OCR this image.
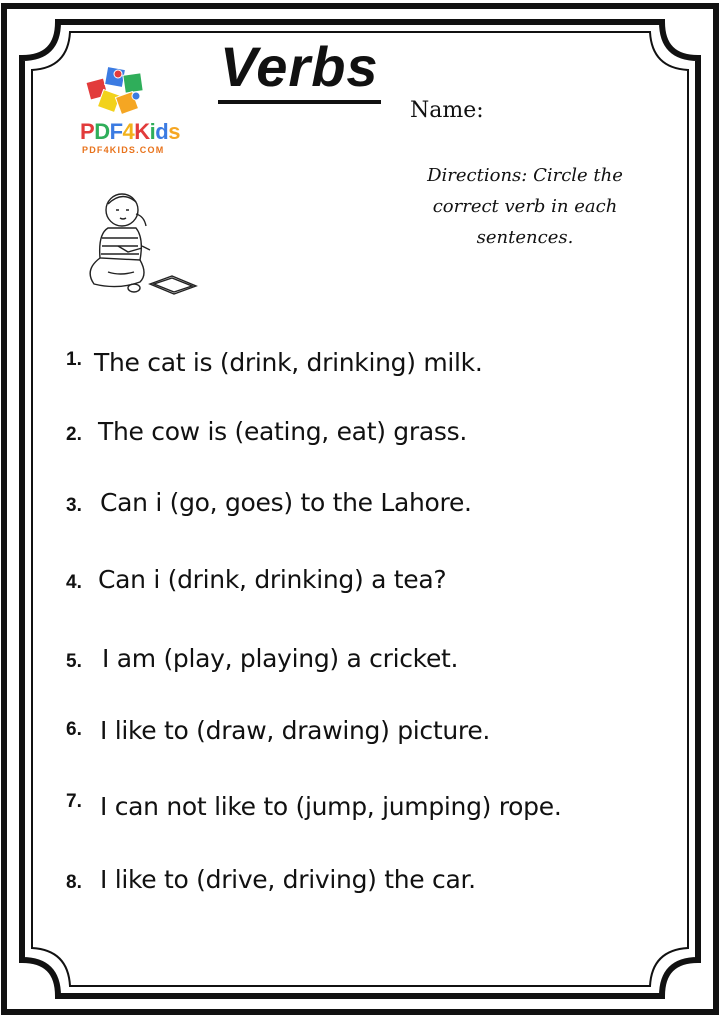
Verbs
PDF4Kids
PDF4KIDS.COM
Name:
Directions: Circle the correct verb in each sentences.
1. The cat is (drink, drinking) milk.
2. The cow is (eating, eat) grass.
3. Can i (go, goes) to the Lahore.
4. Can i (drink, drinking) a tea?
5. I am (play, playing) a cricket.
6. I like to (draw, drawing) picture.
7. I can not like to (jump, jumping) rope.
8. I like to (drive, driving) the car.
